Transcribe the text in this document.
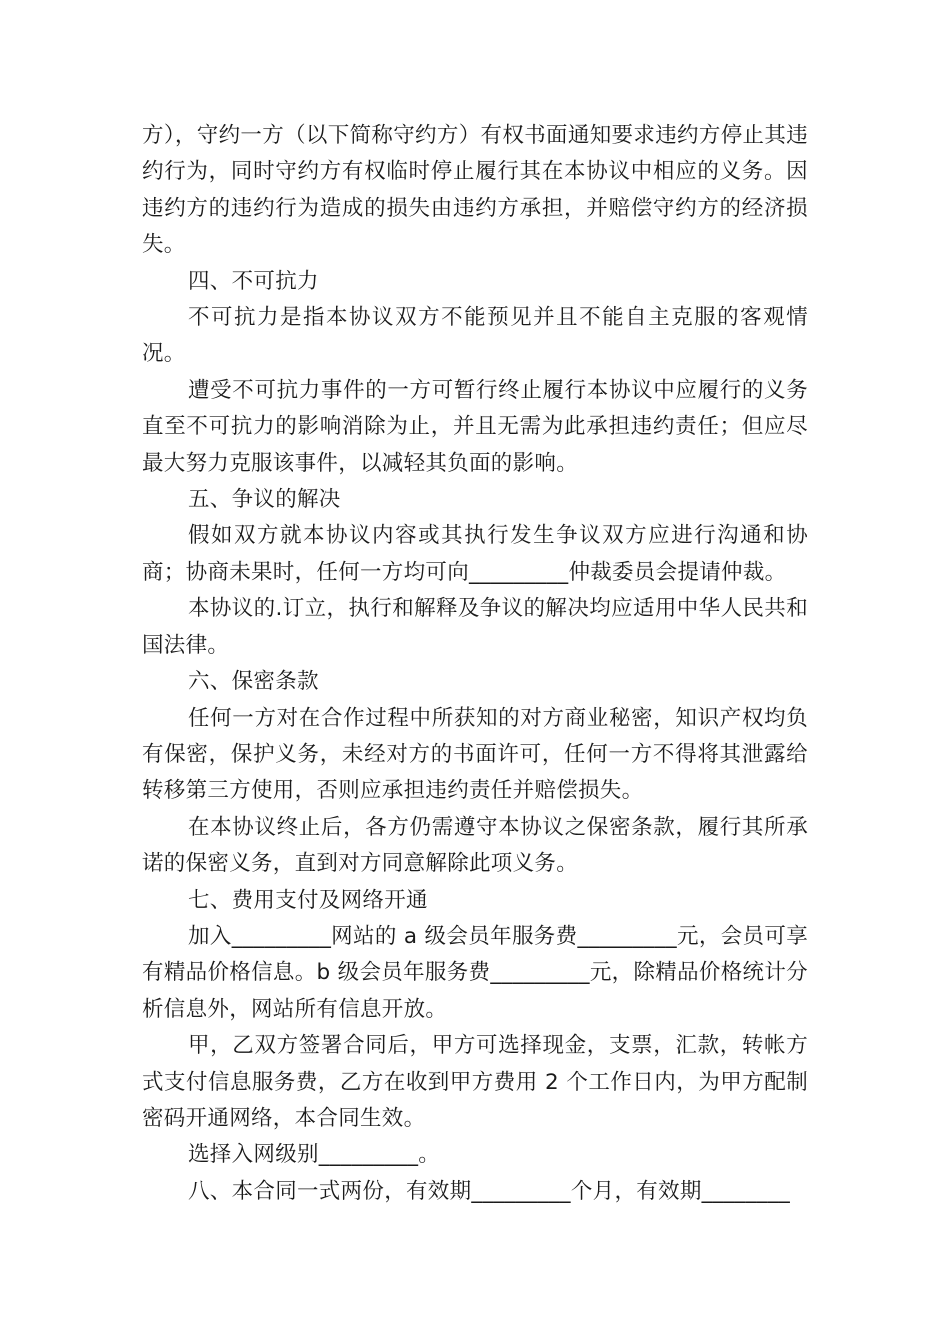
方），守约一方（以下简称守约方）有权书面通知要求违约方停止其违约行为，同时守约方有权临时停止履行其在本协议中相应的义务。因违约方的违约行为造成的损失由违约方承担，并赔偿守约方的经济损失。

四、不可抗力

不可抗力是指本协议双方不能预见并且不能自主克服的客观情况。

遭受不可抗力事件的一方可暂行终止履行本协议中应履行的义务直至不可抗力的影响消除为止，并且无需为此承担违约责任；但应尽最大努力克服该事件，以减轻其负面的影响。

五、争议的解决

假如双方就本协议内容或其执行发生争议双方应进行沟通和协商；协商未果时，任何一方均可向_________仲裁委员会提请仲裁。

本协议的.订立，执行和解释及争议的解决均应适用中华人民共和国法律。

六、保密条款

任何一方对在合作过程中所获知的对方商业秘密，知识产权均负有保密，保护义务，未经对方的书面许可，任何一方不得将其泄露给转移第三方使用，否则应承担违约责任并赔偿损失。

在本协议终止后，各方仍需遵守本协议之保密条款，履行其所承诺的保密义务，直到对方同意解除此项义务。

七、费用支付及网络开通

加入_________网站的 a 级会员年服务费_________元，会员可享有精品价格信息。b 级会员年服务费_________元，除精品价格统计分析信息外，网站所有信息开放。

甲，乙双方签署合同后，甲方可选择现金，支票，汇款，转帐方式支付信息服务费，乙方在收到甲方费用 2 个工作日内，为甲方配制密码开通网络，本合同生效。

选择入网级别_________。

八、本合同一式两份，有效期_________个月，有效期________
